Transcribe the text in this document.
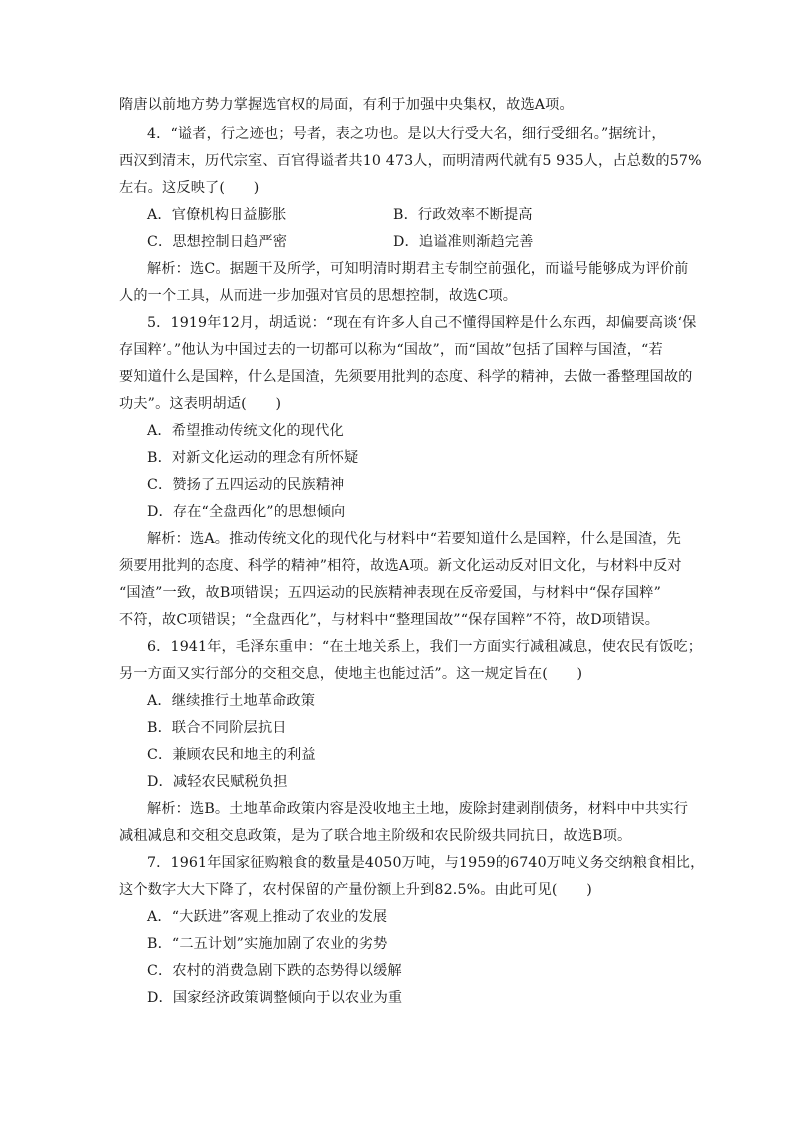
隋唐以前地方势力掌握选官权的局面，有利于加强中央集权，故选A项。
4．“谥者，行之迹也；号者，表之功也。是以大行受大名，细行受细名。”据统计，
西汉到清末，历代宗室、百官得谥者共10 473人，而明清两代就有5 935人，占总数的57%
左右。这反映了(　　)
A．官僚机构日益膨胀	B．行政效率不断提高
C．思想控制日趋严密	D．追谥准则渐趋完善
解析：选C。据题干及所学，可知明清时期君主专制空前强化，而谥号能够成为评价前
人的一个工具，从而进一步加强对官员的思想控制，故选C项。
5．1919年12月，胡适说：“现在有许多人自己不懂得国粹是什么东西，却偏要高谈‘保
存国粹’。”他认为中国过去的一切都可以称为“国故”，而“国故”包括了国粹与国渣，“若
要知道什么是国粹，什么是国渣，先须要用批判的态度、科学的精神，去做一番整理国故的
功夫”。这表明胡适(　　)
A．希望推动传统文化的现代化
B．对新文化运动的理念有所怀疑
C．赞扬了五四运动的民族精神
D．存在“全盘西化”的思想倾向
解析：选A。推动传统文化的现代化与材料中“若要知道什么是国粹，什么是国渣，先
须要用批判的态度、科学的精神”相符，故选A项。新文化运动反对旧文化，与材料中反对
“国渣”一致，故B项错误；五四运动的民族精神表现在反帝爱国，与材料中“保存国粹”
不符，故C项错误；“全盘西化”，与材料中“整理国故”“保存国粹”不符，故D项错误。
6．1941年，毛泽东重申：“在土地关系上，我们一方面实行减租减息，使农民有饭吃；
另一方面又实行部分的交租交息，使地主也能过活”。这一规定旨在(　　)
A．继续推行土地革命政策
B．联合不同阶层抗日
C．兼顾农民和地主的利益
D．减轻农民赋税负担
解析：选B。土地革命政策内容是没收地主土地，废除封建剥削债务，材料中中共实行
减租减息和交租交息政策，是为了联合地主阶级和农民阶级共同抗日，故选B项。
7．1961年国家征购粮食的数量是4050万吨，与1959的6740万吨义务交纳粮食相比，
这个数字大大下降了，农村保留的产量份额上升到82.5%。由此可见(　　)
A．“大跃进”客观上推动了农业的发展
B．“二五计划”实施加剧了农业的劣势
C．农村的消费急剧下跌的态势得以缓解
D．国家经济政策调整倾向于以农业为重
